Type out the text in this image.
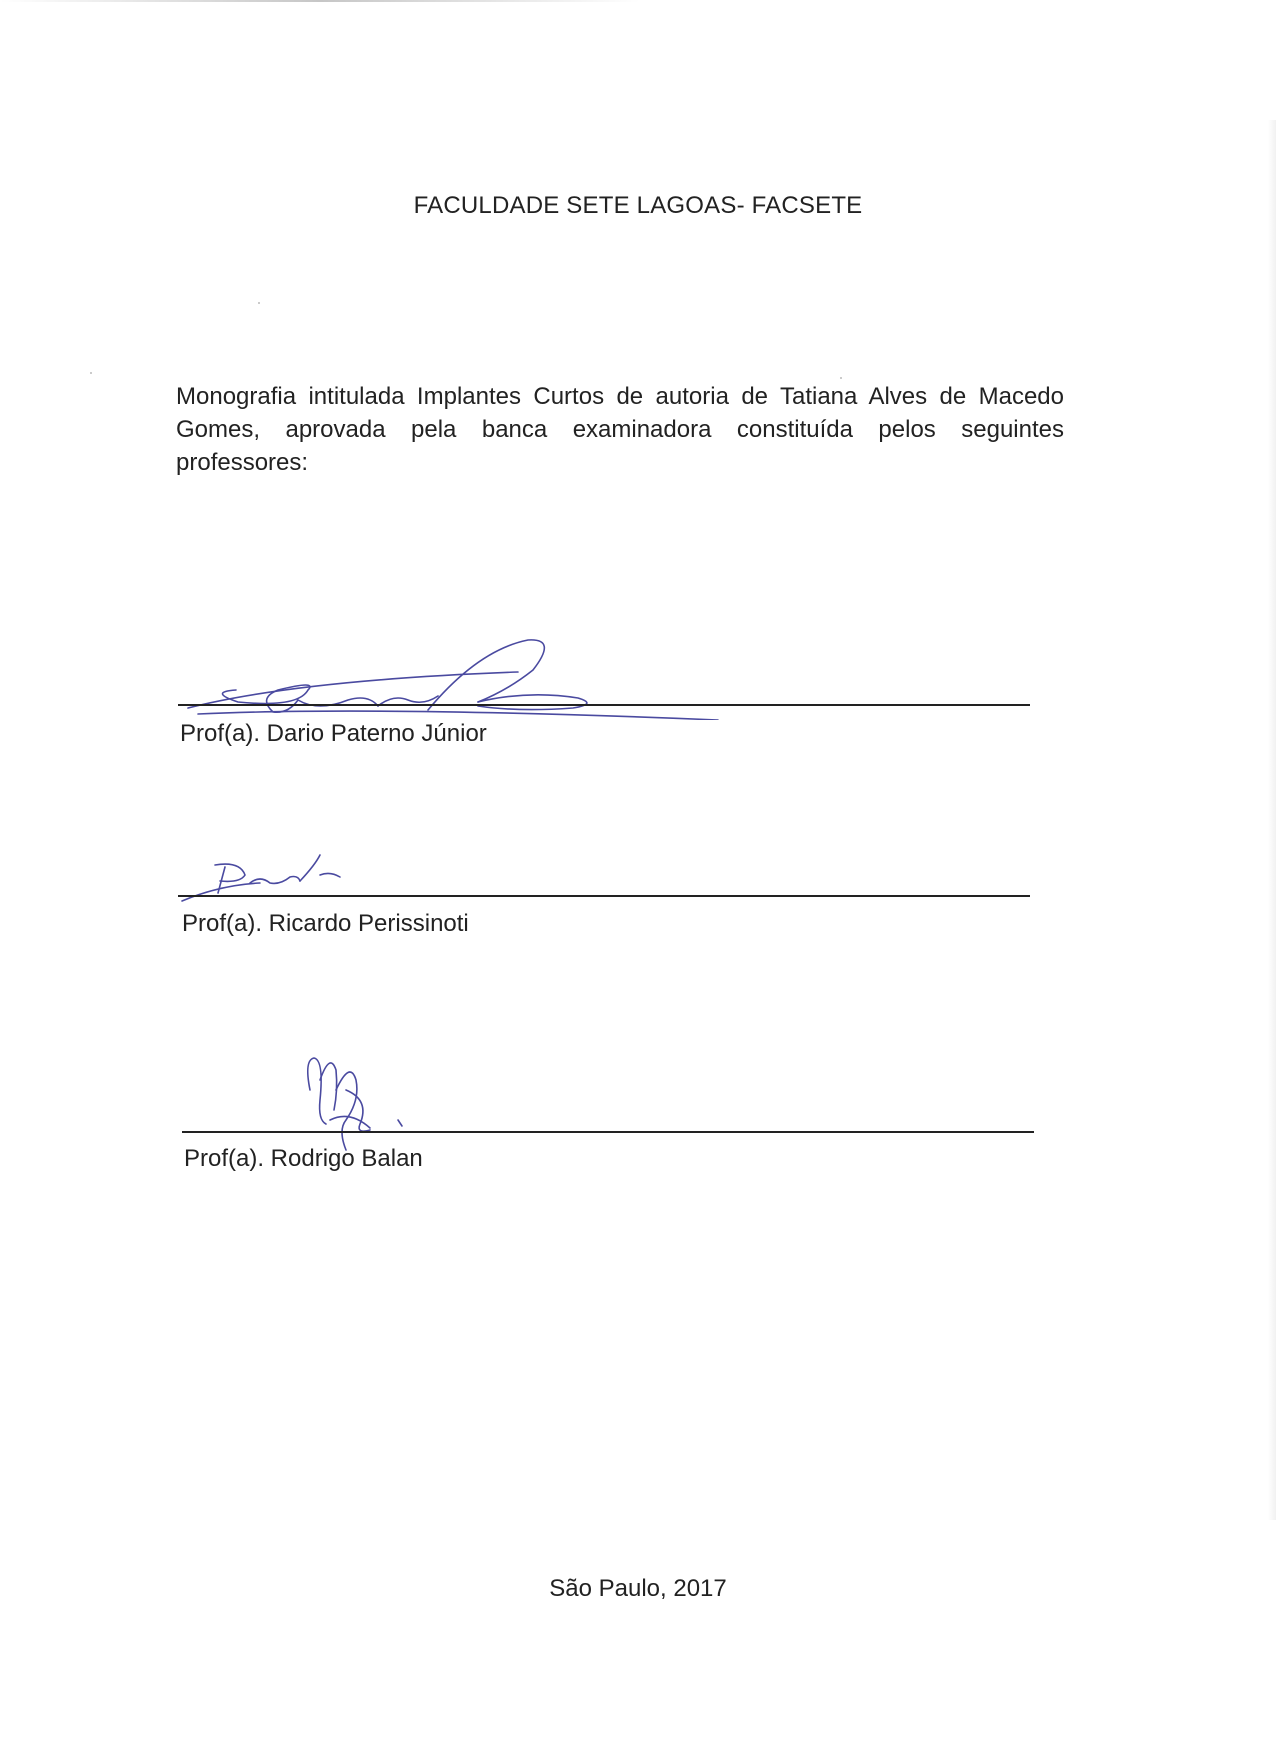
FACULDADE SETE LAGOAS- FACSETE
Monografia intitulada Implantes Curtos de autoria de Tatiana Alves de Macedo Gomes, aprovada pela banca examinadora constituída pelos seguintes professores:
Prof(a). Dario Paterno Júnior
Prof(a). Ricardo Perissinoti
Prof(a). Rodrigo Balan
São Paulo, 2017
